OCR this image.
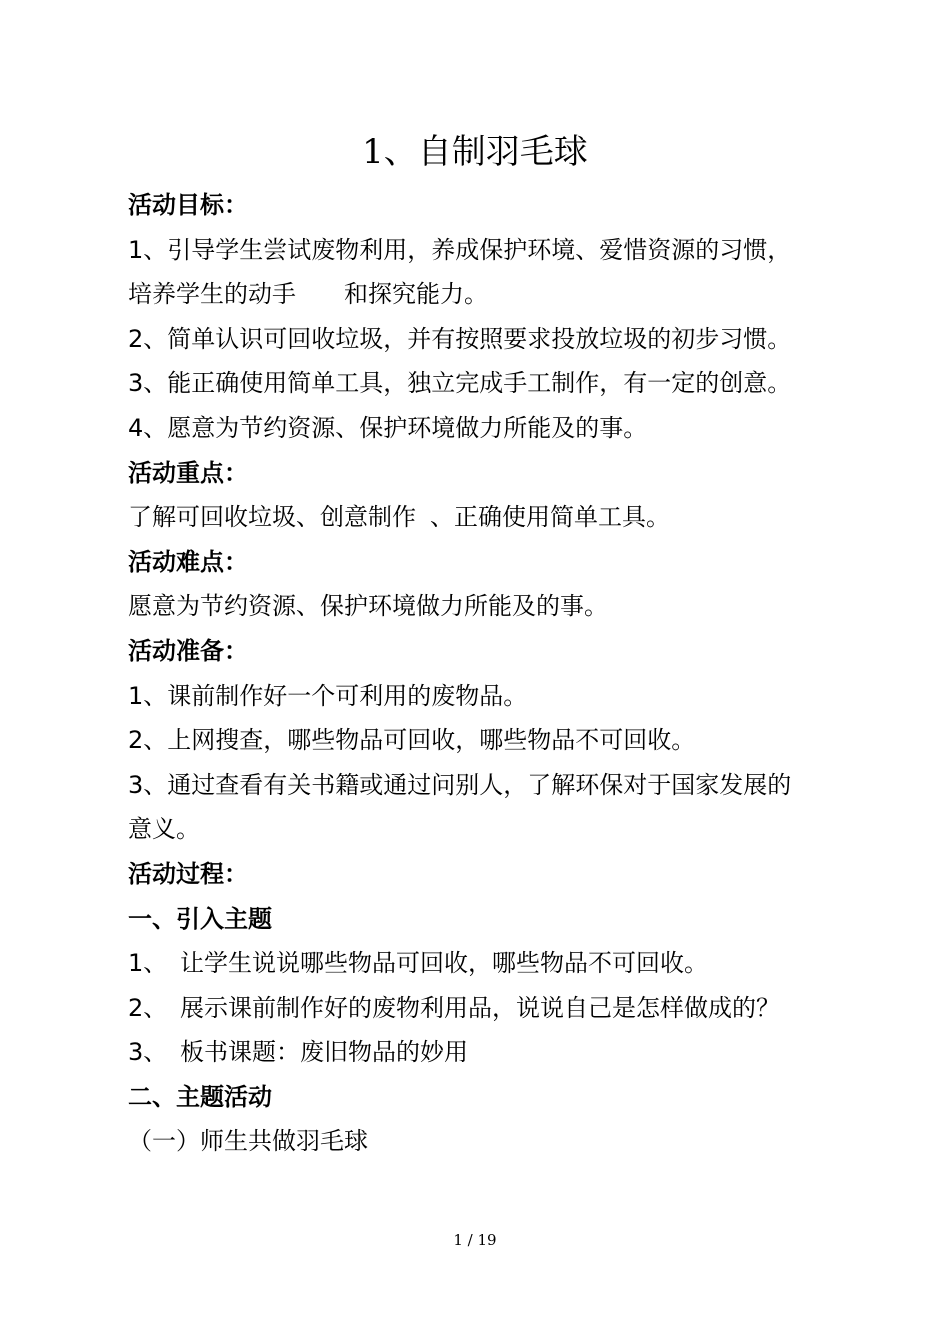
1、自制羽毛球

活动目标：

1、引导学生尝试废物利用，养成保护环境、爱惜资源的习惯，

培养学生的动手 和探究能力。

2、简单认识可回收垃圾，并有按照要求投放垃圾的初步习惯。

3、能正确使用简单工具，独立完成手工制作，有一定的创意。

4、愿意为节约资源、保护环境做力所能及的事。

活动重点：

了解可回收垃圾、创意制作 、正确使用简单工具。

活动难点：

愿意为节约资源、保护环境做力所能及的事。

活动准备：

1、课前制作好一个可利用的废物品。

2、上网搜查，哪些物品可回收，哪些物品不可回收。

3、通过查看有关书籍或通过问别人，了解环保对于国家发展的

意义。

活动过程：

一、引入主题

1、 让学生说说哪些物品可回收，哪些物品不可回收。

2、 展示课前制作好的废物利用品，说说自己是怎样做成的？

3、 板书课题：废旧物品的妙用

二、主题活动

（一）师生共做羽毛球

1 / 19
